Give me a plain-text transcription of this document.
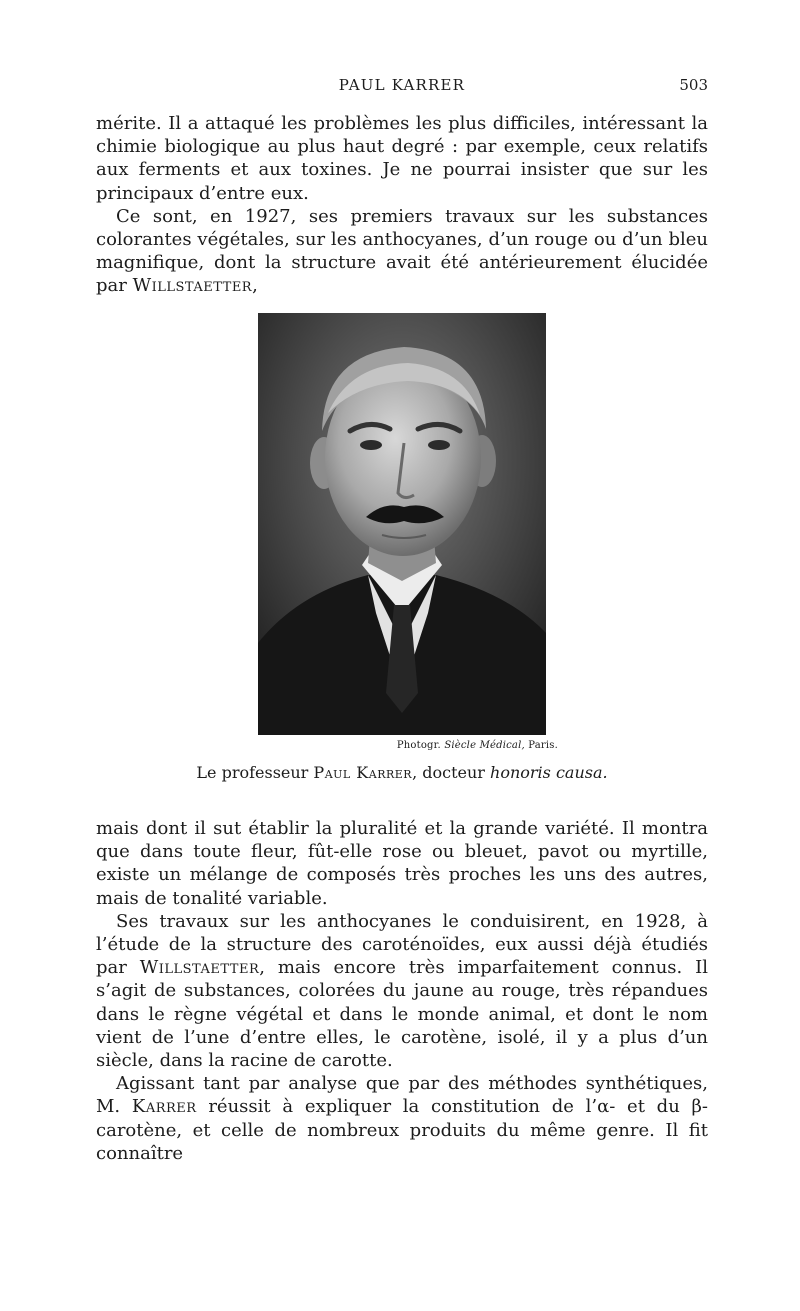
PAUL KARRER	503

mérite. Il a attaqué les problèmes les plus difficiles, intéressant la chimie biologique au plus haut degré : par exemple, ceux relatifs aux ferments et aux toxines. Je ne pourrai insister que sur les principaux d’entre eux.

Ce sont, en 1927, ses premiers travaux sur les substances colorantes végétales, sur les anthocyanes, d’un rouge ou d’un bleu magnifique, dont la structure avait été antérieurement élucidée par Willstaetter,

Photogr. Siècle Médical, Paris.
Le professeur Paul Karrer, docteur honoris causa.

mais dont il sut établir la pluralité et la grande variété. Il montra que dans toute fleur, fût-elle rose ou bleuet, pavot ou myrtille, existe un mélange de composés très proches les uns des autres, mais de tonalité variable.

Ses travaux sur les anthocyanes le conduisirent, en 1928, à l’étude de la structure des caroténoïdes, eux aussi déjà étudiés par Willstaetter, mais encore très imparfaitement connus. Il s’agit de substances, colorées du jaune au rouge, très répandues dans le règne végétal et dans le monde animal, et dont le nom vient de l’une d’entre elles, le carotène, isolé, il y a plus d’un siècle, dans la racine de carotte.

Agissant tant par analyse que par des méthodes synthétiques, M. Karrer réussit à expliquer la constitution de l’α- et du β- carotène, et celle de nombreux produits du même genre. Il fit connaître
